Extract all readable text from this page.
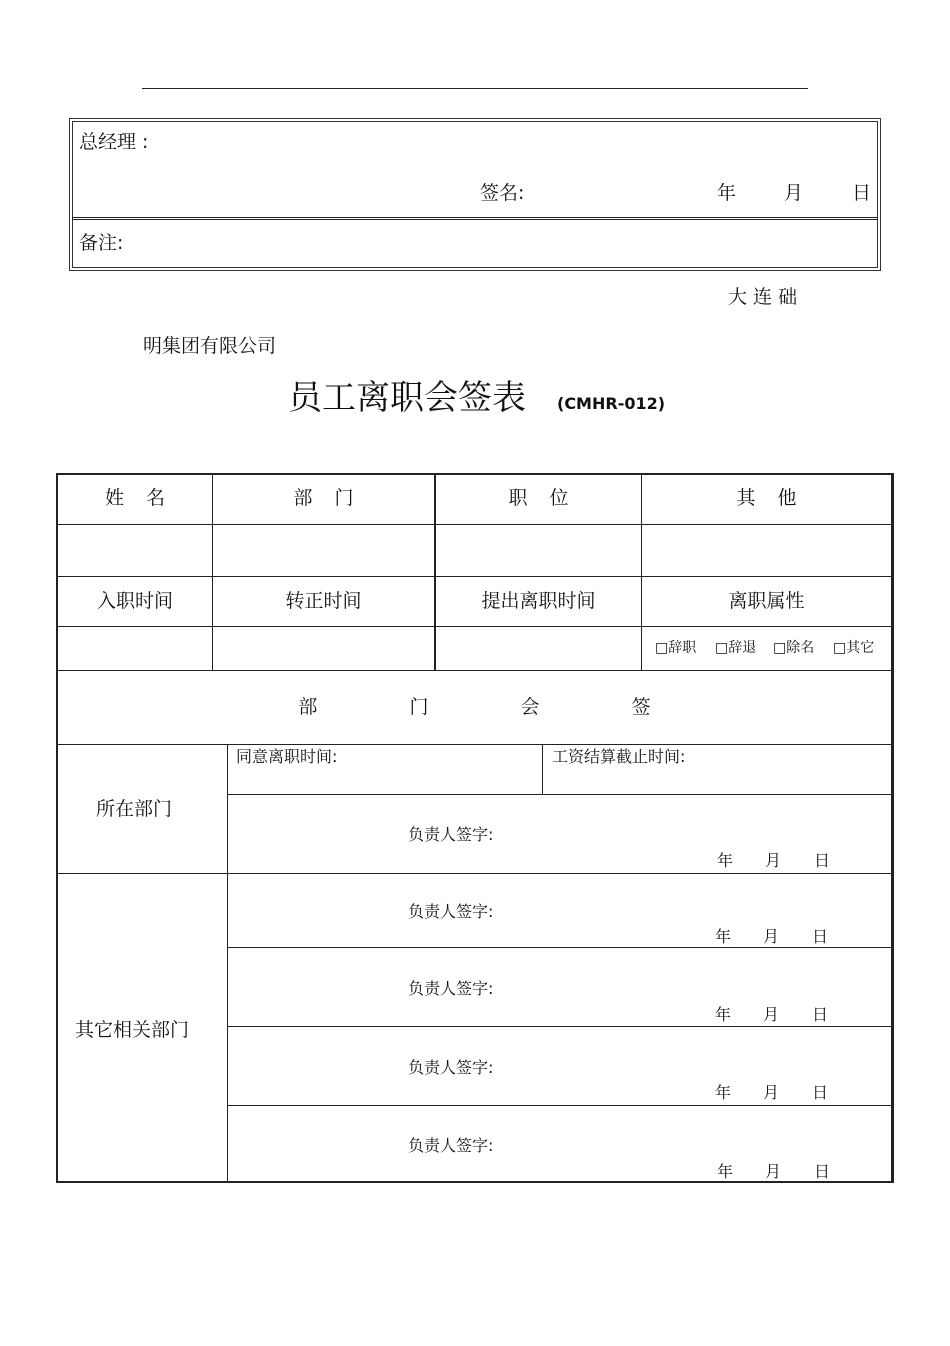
总经理 :
签名:	年	月	日
备注:
大 连 础
明集团有限公司
员工离职会签表 (CMHR-012)
姓 名	部 门	职 位	其 他
入职时间	转正时间	提出离职时间	离职属性
□辞职 □辞退 □除名 □其它
部  门  会  签
所在部门
同意离职时间:	工资结算截止时间:
负责人签字:
年 月 日
其它相关部门
负责人签字:
年 月 日
负责人签字:
年 月 日
负责人签字:
年 月 日
负责人签字:
年 月 日
